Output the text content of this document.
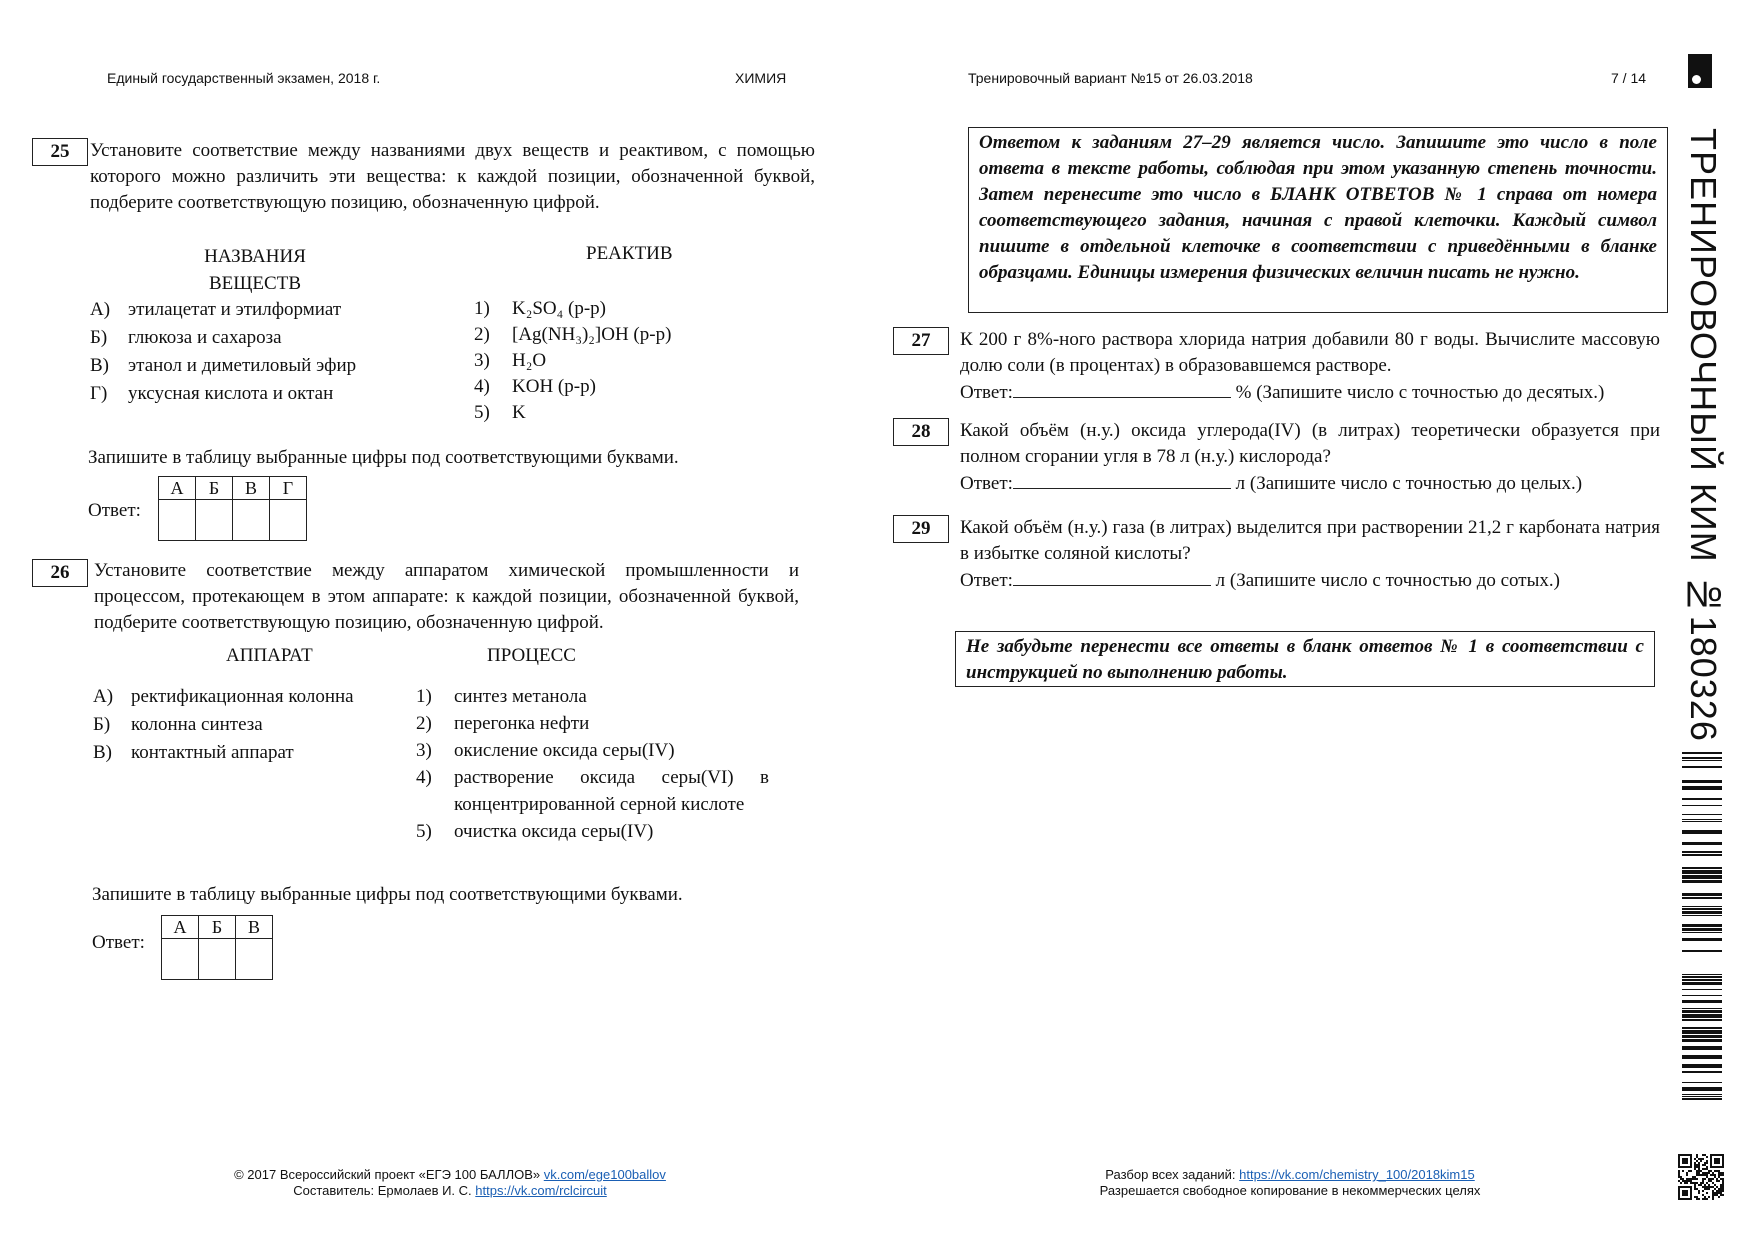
Единый государственный экзамен, 2018 г.	ХИМИЯ	Тренировочный вариант №15 от 26.03.2018	7 / 14
ТРЕНИРОВОЧНЫЙ КИМ №180326
25	Установите соответствие между названиями двух веществ и реактивом, с помощью которого можно различить эти вещества: к каждой позиции, обозначенной буквой, подберите соответствующую позицию, обозначенную цифрой.
НАЗВАНИЯ ВЕЩЕСТВ
РЕАКТИВ
А) этилацетат и этилформиат
Б)	глюкоза и сахароза
В)	этанол и диметиловый эфир
Г)	уксусная кислота и октан
1)	K₂SO₄ (р-р)
2)	[Ag(NH₃)₂]OH (р-р)
3)	H₂O
4)	KOH (р-р)
5)	K
Запишите в таблицу выбранные цифры под соответствующими буквами.
Ответ:
А	Б	В	Г

26	Установите соответствие между аппаратом химической промышленности и процессом, протекающем в этом аппарате: к каждой позиции, обозначенной буквой, подберите соответствующую позицию, обозначенную цифрой.
АППАРАТ	ПРОЦЕСС
А) ректификационная колонна
Б)	колонна синтеза
В)	контактный аппарат
1)	синтез метанола
2)	перегонка нефти
3)	окисление оксида серы(IV)
4)	растворение оксида серы(VI) в концентрированной серной кислоте
5)	очистка оксида серы(IV)
Запишите в таблицу выбранные цифры под соответствующими буквами.
Ответ:
А	Б	В

Ответом к заданиям 27–29 является число. Запишите это число в поле ответа в тексте работы, соблюдая при этом указанную степень точности. Затем перенесите это число в БЛАНК ОТВЕТОВ № 1 справа от номера соответствующего задания, начиная с правой клеточки. Каждый символ пишите в отдельной клеточке в соответствии с приведёнными в бланке образцами. Единицы измерения физических величин писать не нужно.
27	К 200 г 8%-ного раствора хлорида натрия добавили 80 г воды. Вычислите массовую долю соли (в процентах) в образовавшемся растворе.
Ответ:	% (Запишите число с точностью до десятых.)
28	Какой объём (н.у.) оксида углерода(IV) (в литрах) теоретически образуется при полном сгорании угля в 78 л (н.у.) кислорода?
Ответ:	л (Запишите число с точностью до целых.)
29	Какой объём (н.у.) газа (в литрах) выделится при растворении 21,2 г карбоната натрия в избытке соляной кислоты?
Ответ:	л (Запишите число с точностью до сотых.)
Не забудьте перенести все ответы в бланк ответов № 1 в соответствии с инструкцией по выполнению работы.
© 2017 Всероссийский проект «ЕГЭ 100 БАЛЛОВ» vk.com/ege100ballov
Составитель: Ермолаев И. С. https://vk.com/rclcircuit
Разбор всех заданий: https://vk.com/chemistry_100/2018kim15
Разрешается свободное копирование в некоммерческих целях
